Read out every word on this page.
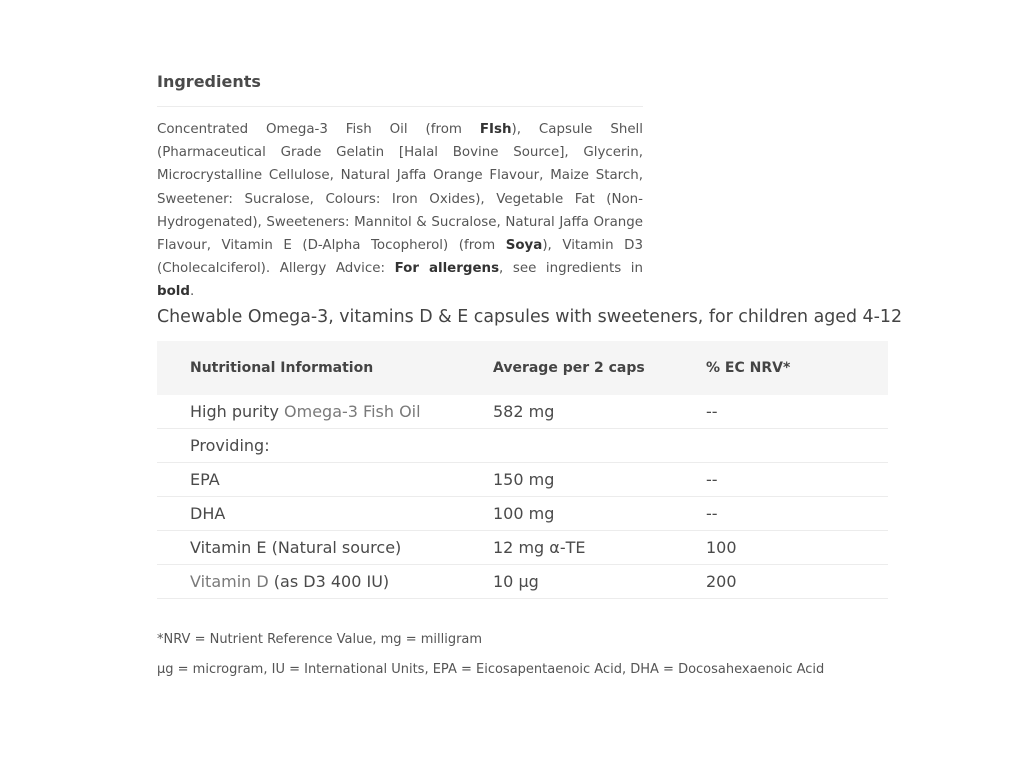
Ingredients

Concentrated Omega-3 Fish Oil (from FIsh), Capsule Shell (Pharmaceutical Grade Gelatin [Halal Bovine Source], Glycerin, Microcrystalline Cellulose, Natural Jaffa Orange Flavour, Maize Starch, Sweetener: Sucralose, Colours: Iron Oxides), Vegetable Fat (Non-Hydrogenated), Sweeteners: Mannitol & Sucralose, Natural Jaffa Orange Flavour, Vitamin E (D-Alpha Tocopherol) (from Soya), Vitamin D3 (Cholecalciferol). Allergy Advice: For allergens, see ingredients in bold.

Chewable Omega-3, vitamins D & E capsules with sweeteners, for children aged 4-12
Nutritional Information	Average per 2 caps	% EC NRV*
High purity Omega-3 Fish Oil	582 mg	--
Providing:		
EPA	150 mg	--
DHA	100 mg	--
Vitamin E (Natural source)	12 mg α-TE	100
Vitamin D (as D3 400 IU)	10 µg	200

*NRV = Nutrient Reference Value, mg = milligram

µg = microgram, IU = International Units, EPA = Eicosapentaenoic Acid, DHA = Docosahexaenoic Acid
